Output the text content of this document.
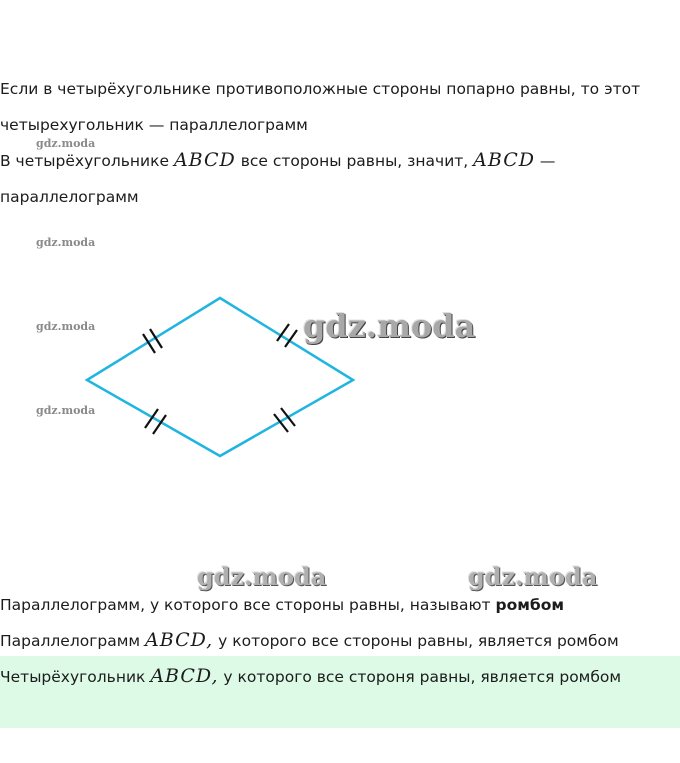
Если в четырёхугольнике противоположные стороны попарно равны, то этот четырехугольник — параллелограмм

В четырёхугольнике ABCD все стороны равны, значит, ABCD — параллелограмм

gdz.moda
gdz.moda
gdz.moda
gdz.moda
gdz.moda
gdz.moda	gdz.moda

Параллелограмм, у которого все стороны равны, называют ромбом

Параллелограмм ABCD, у которого все стороны равны, является ромбом

Четырёхугольник ABCD, у которого все стороня равны, является ромбом
